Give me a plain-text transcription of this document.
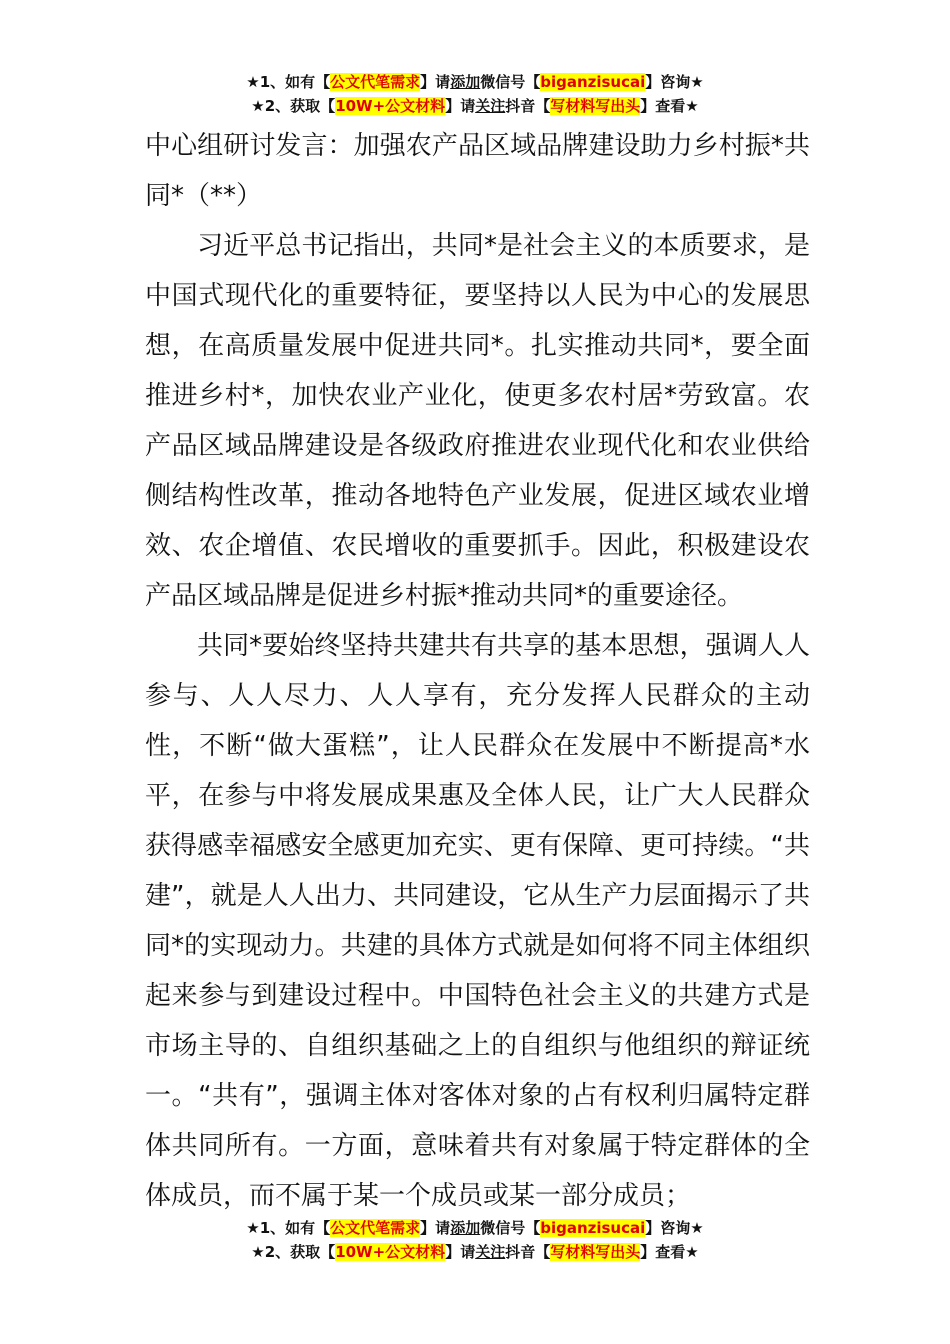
★1、如有【公文代笔需求】请添加微信号【biganzisucai】咨询★
★2、获取【10W+公文材料】请关注抖音【写材料写出头】查看★

中心组研讨发言：加强农产品区域品牌建设助力乡村振*共同*（**）

习近平总书记指出，共同*是社会主义的本质要求，是中国式现代化的重要特征，要坚持以人民为中心的发展思想，在高质量发展中促进共同*。扎实推动共同*，要全面推进乡村*，加快农业产业化，使更多农村居*劳致富。农产品区域品牌建设是各级政府推进农业现代化和农业供给侧结构性改革，推动各地特色产业发展，促进区域农业增效、农企增值、农民增收的重要抓手。因此，积极建设农产品区域品牌是促进乡村振*推动共同*的重要途径。

共同*要始终坚持共建共有共享的基本思想，强调人人参与、人人尽力、人人享有，充分发挥人民群众的主动性，不断“做大蛋糕”，让人民群众在发展中不断提高*水平，在参与中将发展成果惠及全体人民，让广大人民群众获得感幸福感安全感更加充实、更有保障、更可持续。“共建”，就是人人出力、共同建设，它从生产力层面揭示了共同*的实现动力。共建的具体方式就是如何将不同主体组织起来参与到建设过程中。中国特色社会主义的共建方式是市场主导的、自组织基础之上的自组织与他组织的辩证统一。“共有”，强调主体对客体对象的占有权利归属特定群体共同所有。一方面，意味着共有对象属于特定群体的全体成员，而不属于某一个成员或某一部分成员；

★1、如有【公文代笔需求】请添加微信号【biganzisucai】咨询★
★2、获取【10W+公文材料】请关注抖音【写材料写出头】查看★
